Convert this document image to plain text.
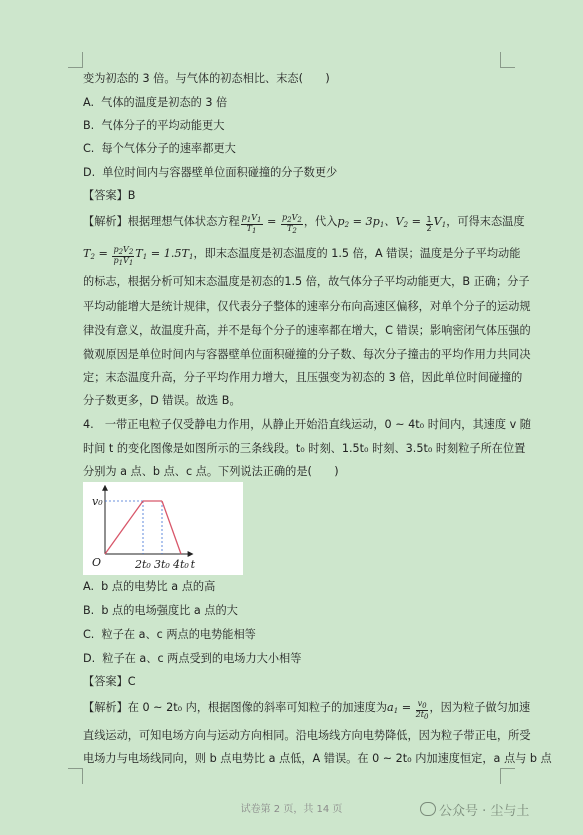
变为初态的 3 倍。与气体的初态相比、末态(　　)
A. 气体的温度是初态的 3 倍
B. 气体分子的平均动能更大
C. 每个气体分子的速率都更大
D. 单位时间内与容器壁单位面积碰撞的分子数更少
【答案】B
【解析】根据理想气体状态方程 $\frac{p1V1}{T1} = \frac{p2V2}{T2}$ ，代入$p_2 = 3p_1$、$V_2 = \frac{1}{2} V_1$，可得末态温度
$T_2 = \frac{p2V2}{p1V1} T_1 = 1.5T_1$，即末态温度是初态温度的 1.5 倍，A 错误；温度是分子平均动能
的标志，根据分析可知末态温度是初态的1.5 倍，故气体分子平均动能更大，B 正确；分子
平均动能增大是统计规律，仅代表分子整体的速率分布向高速区偏移，对单个分子的运动规
律没有意义，故温度升高，并不是每个分子的速率都在增大，C 错误；影响密闭气体压强的
微观原因是单位时间内与容器壁单位面积碰撞的分子数、每次分子撞击的平均作用力共同决
定；末态温度升高，分子平均作用力增大，且压强变为初态的 3 倍，因此单位时间碰撞的
分子数更多，D 错误。故选 B。
4.　一带正电粒子仅受静电力作用，从静止开始沿直线运动，0 ~ 4t₀ 时间内，其速度 v 随
时间 t 的变化图像是如图所示的三条线段。t₀ 时刻、1.5t₀ 时刻、3.5t₀ 时刻粒子所在位置
分别为 a 点、b 点、c 点。下列说法正确的是(　　)
v₀
O	2t₀ 3t₀ 4t₀ t
A. b 点的电势比 a 点的高
B. b 点的电场强度比 a 点的大
C. 粒子在 a、c 两点的电势能相等
D. 粒子在 a、c 两点受到的电场力大小相等
【答案】C
【解析】在 0 ~ 2t₀ 内，根据图像的斜率可知粒子的加速度为$a_1 = \frac{v0}{2t0}$ ，因为粒子做匀加速
直线运动，可知电场方向与运动方向相同。沿电场线方向电势降低，因为粒子带正电，所受
电场力与电场线同向，则 b 点电势比 a 点低，A 错误。在 0 ~ 2t₀ 内加速度恒定，a 点与 b 点
试卷第 2 页，共 14 页	公众号 · 尘与土
